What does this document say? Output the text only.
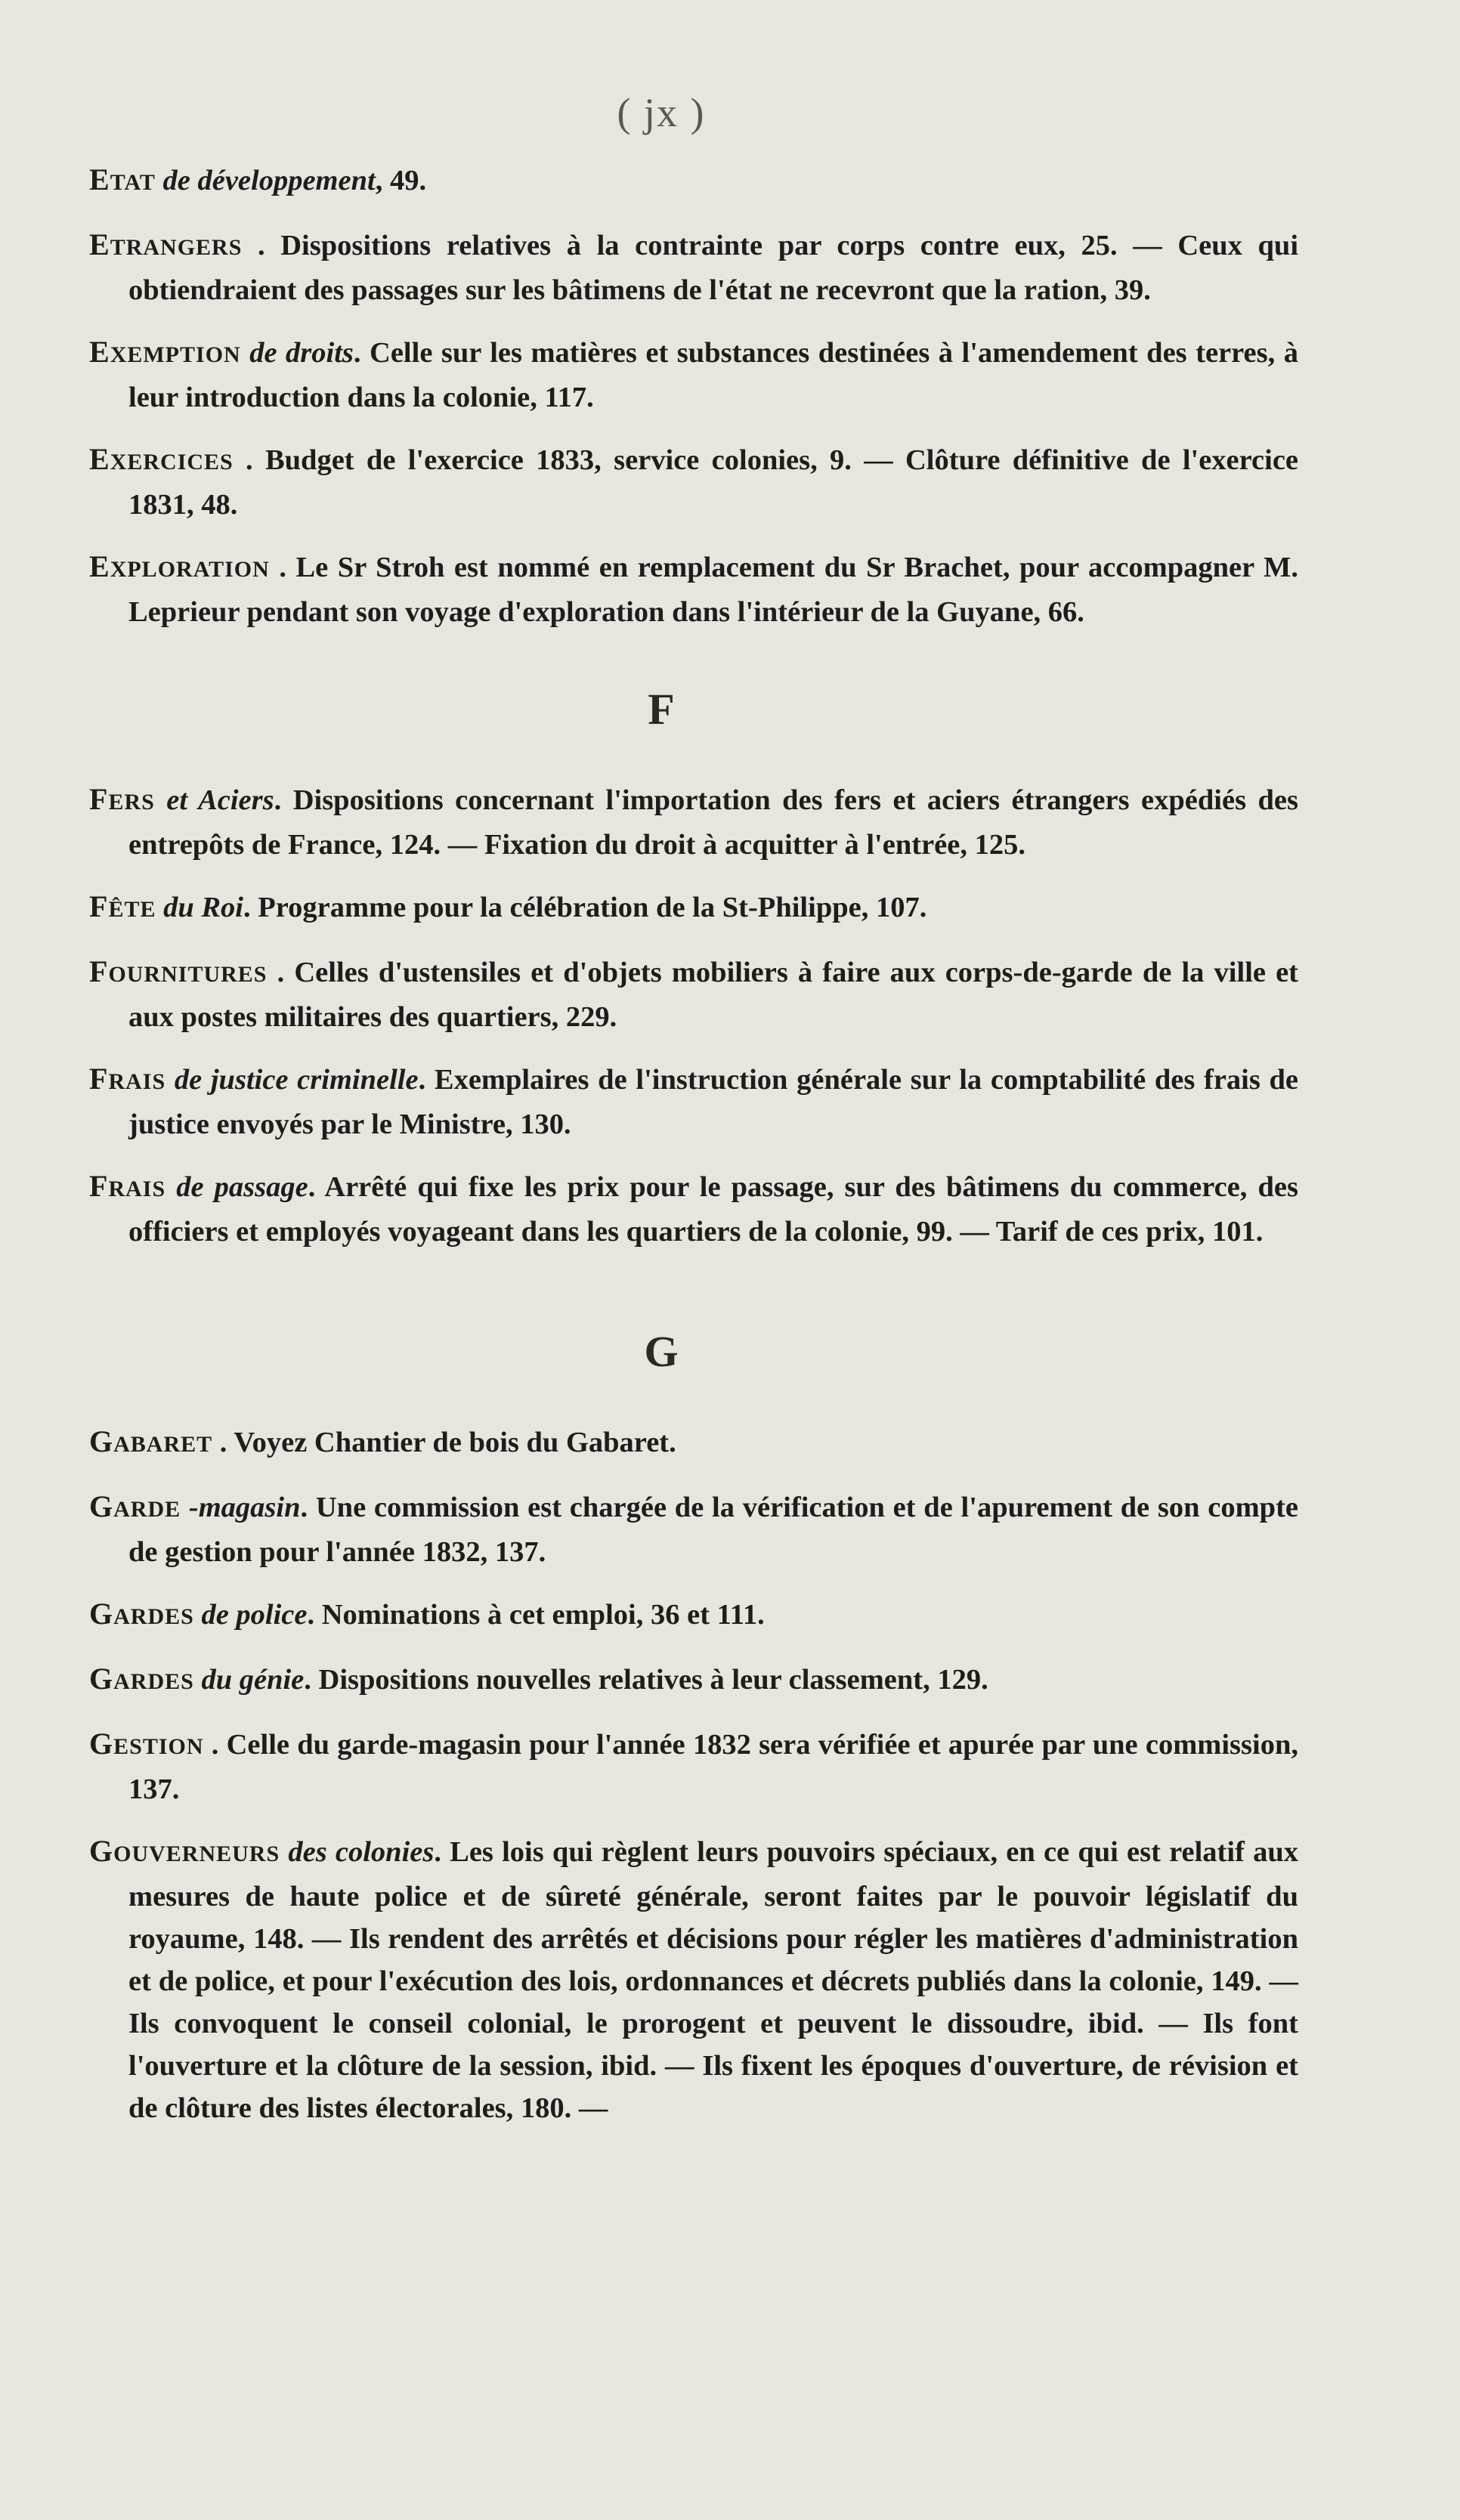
( jx )

ETAT de développement, 49.

ETRANGERS . Dispositions relatives à la contrainte par corps contre eux, 25. — Ceux qui obtiendraient des passages sur les bâtimens de l'état ne recevront que la ration, 39.

EXEMPTION de droits. Celle sur les matières et substances destinées à l'amendement des terres, à leur introduction dans la colonie, 117.

EXERCICES . Budget de l'exercice 1833, service colonies, 9. — Clôture définitive de l'exercice 1831, 48.

EXPLORATION . Le Sr Stroh est nommé en remplacement du Sr Brachet, pour accompagner M. Leprieur pendant son voyage d'exploration dans l'intérieur de la Guyane, 66.

F

FERS et Aciers. Dispositions concernant l'importation des fers et aciers étrangers expédiés des entrepôts de France, 124. — Fixation du droit à acquitter à l'entrée, 125.

FÊTE du Roi. Programme pour la célébration de la St-Philippe, 107.

FOURNITURES . Celles d'ustensiles et d'objets mobiliers à faire aux corps-de-garde de la ville et aux postes militaires des quartiers, 229.

FRAIS de justice criminelle. Exemplaires de l'instruction générale sur la comptabilité des frais de justice envoyés par le Ministre, 130.

FRAIS de passage. Arrêté qui fixe les prix pour le passage, sur des bâtimens du commerce, des officiers et employés voyageant dans les quartiers de la colonie, 99. — Tarif de ces prix, 101.

G

GABARET . Voyez Chantier de bois du Gabaret.

GARDE -magasin. Une commission est chargée de la vérification et de l'apurement de son compte de gestion pour l'année 1832, 137.

GARDES de police. Nominations à cet emploi, 36 et 111.

GARDES du génie. Dispositions nouvelles relatives à leur classement, 129.

GESTION . Celle du garde-magasin pour l'année 1832 sera vérifiée et apurée par une commission, 137.

GOUVERNEURS des colonies. Les lois qui règlent leurs pouvoirs spéciaux, en ce qui est relatif aux mesures de haute police et de sûreté générale, seront faites par le pouvoir législatif du royaume, 148. — Ils rendent des arrêtés et décisions pour régler les matières d'administration et de police, et pour l'exécution des lois, ordonnances et décrets publiés dans la colonie, 149. — Ils convoquent le conseil colonial, le prorogent et peuvent le dissoudre, ibid. — Ils font l'ouverture et la clôture de la session, ibid. — Ils fixent les époques d'ouverture, de révision et de clôture des listes électorales, 180. —
